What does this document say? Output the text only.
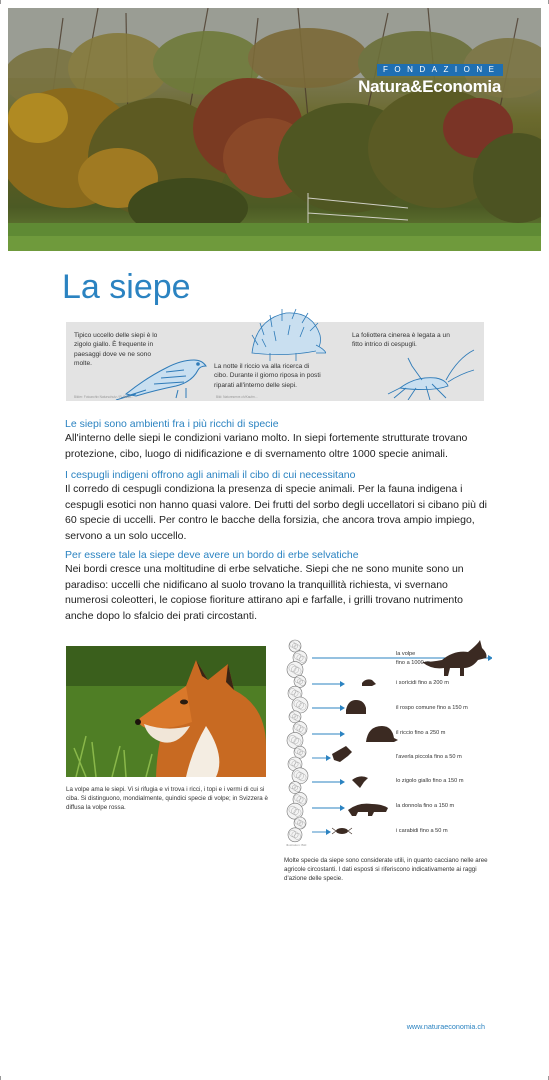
FONDAZIONE
Natura&Economia
La siepe
Tipico uccello delle siepi è lo zigolo giallo. È frequente in paesaggi dove ve ne sono molte.	La notte il riccio va alla ricerca di cibo. Durante il giorno riposa in posti riparati all'interno delle siepi.
La foliottera cinerea è legata a un fitto intrico di cespugli.
Bilder: Fotoarchiv Naturschutz / R. Bedli...	Bild: Natureserve.ch/Kaufm...
Le siepi sono ambienti fra i più ricchi di specie

All'interno delle siepi le condizioni variano molto. In siepi fortemente strutturate trovano protezione, cibo, luogo di nidificazione e di svernamento oltre 1000 specie animali.

I cespugli indigeni offrono agli animali il cibo di cui necessitano

Il corredo di cespugli condiziona la presenza di specie animali. Per la fauna indigena i cespugli esotici non hanno quasi valore. Dei frutti del sorbo degli uccellatori si cibano più di 60 specie di uccelli. Per contro le bacche della forsizia, che ancora trova ampio impiego, servono a un solo uccello.

Per essere tale la siepe deve avere un bordo di erbe selvatiche

Nei bordi cresce una moltitudine di erbe selvatiche. Siepi che ne sono munite sono un paradiso: uccelli che nidificano al suolo trovano la tranquillità richiesta, vi svernano numerosi coleotteri, le copiose fioriture attirano api e farfalle, i grilli trovano nutrimento anche dopo lo sfalcio dei prati circostanti.

La volpe ama le siepi. Vi si rifugia e vi trova i ricci, i topi e i vermi di cui si ciba. Si distinguono, mondialmente, quindici specie di volpe; in Svizzera è diffusa la volpe rossa.

la volpe
fino a 1000 m
i sorìcidi fino a 200 m
il rospo comune fino a 150 m
il riccio fino a 250 m
l'averla piccola fino a 50 m
lo zigolo giallo fino a 150 m
la donnola fino a 150 m
i carabidi fino a 50 m
Illustration: Bild

Molte specie da siepe sono considerate utili, in quanto cacciano nelle aree agricole circostanti. I dati esposti si riferiscono indicativamente ai raggi d'azione delle specie.

www.naturaeconomia.ch
